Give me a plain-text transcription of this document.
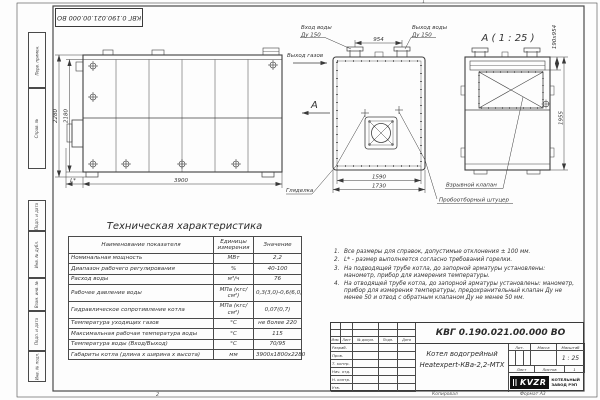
2280 2180
3900
L*
Вход воды
Ду 150
Выход воды
Ду 150
Выход газов
А
954
1590
1730
Гляделка
Пробоотборный штуцер
А ( 1 : 25 )	190х954
1955
Взрывной клапан
КВГ 0.190.021.00.000 ВО
Перв. примен.
Справ. №
Подп. и дата
Инв. № дубл.
Взам. инв. №
Подп. и дата
Инв. № подл.
Техническая характеристика
Наименование показателя	Единицы измерения	Значение
Номинальная мощность	МВт	2,2
Диапазон рабочего регулирования	%	40-100
Расход воды	м³/ч	76
Рабочее давление воды	МПа (кгс/см²)	0,3(3,0)-0,6(6,0)
Гидравлическое сопротивление котла	МПа (кгс/см²)	0,07(0,7)
Температура уходящих газов	°С	не более 220
Максимальная рабочая температура воды	°С	115
Температура воды (Вход/Выход)	°С	70/95
Габариты котла (длина х ширина х высота)	мм	3900х1800х2280
1. Все размеры для справок, допустимые отклонения ± 100 мм.
2. L* - размер выполняется согласно требований горелки.
3. На подводящей трубе котла, до запорной арматуры установлены: манометр, прибор для измерения температуры.
4. На отводящей трубе котла, до запорной арматуры установлены: манометр, прибор для измерения температуры, предохранительный клапан Ду не менее 50 и отвод с обратным клапаном Ду не менее 50 мм.
Изм. Лист	№ докум.	Подп.	Дата
Разраб.
Пров.
Т. контр.
Нач. отд.
Н. контр.
Утв.
КВГ 0.190.021.00.000 ВО
Котел водогрейный
Heatexpert-КВа-2,2-МТХ
Лит.	Масса	Масштаб
1 : 25
Лист	Листов	1
KVZR КОТЕЛЬНЫЙ
ЗАВОД РЭП
Копировал	Формат А3
1
2
